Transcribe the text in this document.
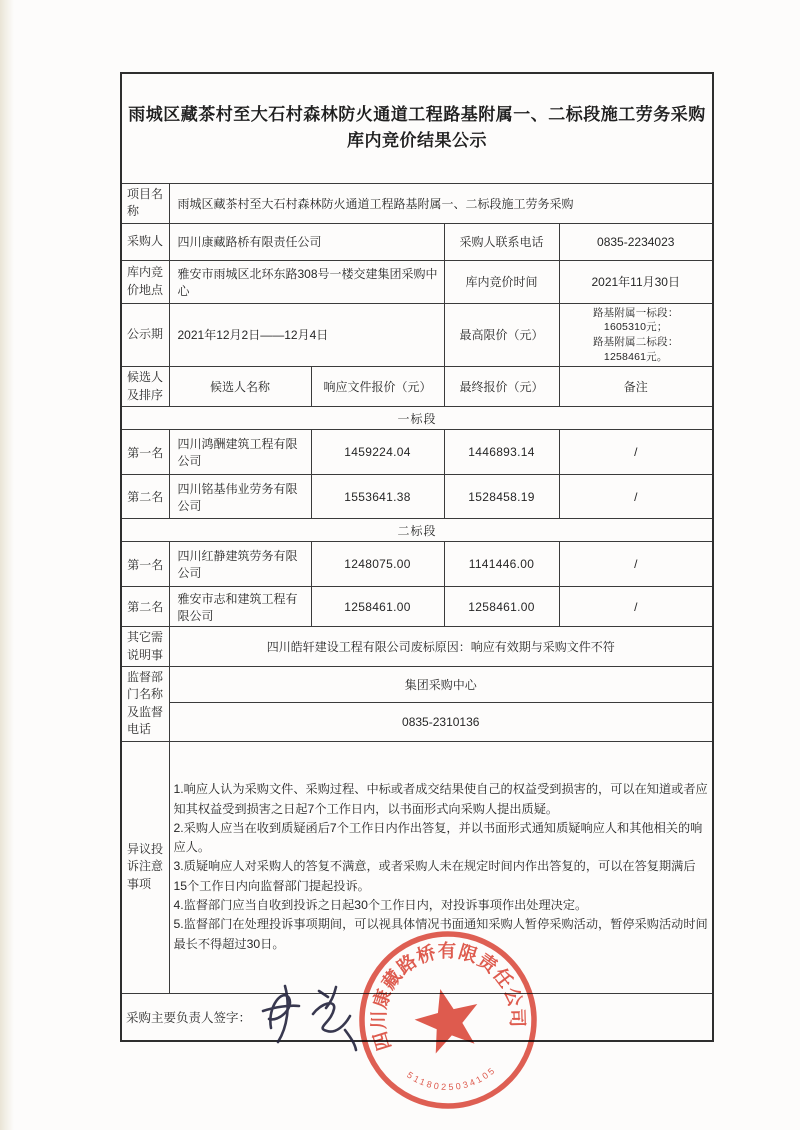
雨城区藏茶村至大石村森林防火通道工程路基附属一、二标段施工劳务采购
库内竞价结果公示				

项目名称	雨城区藏茶村至大石村森林防火通道工程路基附属一、二标段施工劳务采购			
采购人	四川康藏路桥有限责任公司		采购人联系电话	0835-2234023
库内竞价地点	雅安市雨城区北环东路308号一楼交建集团采购中心		库内竞价时间	2021年11月30日
公示期	2021年12月2日——12月4日		最高限价（元）	路基附属一标段：
1605310元；
路基附属二标段：
1258461元。

候选人及排序	候选人名称	响应文件报价（元）	最终报价（元）	备注
一标段				
第一名	四川鸿酬建筑工程有限公司	1459224.04	1446893.14	/
第二名	四川铭基伟业劳务有限公司	1553641.38	1528458.19	/
二标段				
第一名	四川红静建筑劳务有限公司	1248075.00	1141446.00	/
第二名	雅安市志和建筑工程有限公司	1258461.00	1258461.00	/
其它需说明事	四川皓轩建设工程有限公司废标原因：响应有效期与采购文件不符			
监督部门名称及监督电话	集团采购中心			
	0835-2310136			
异议投诉注意事项	1.响应人认为采购文件、采购过程、中标或者成交结果使自己的权益受到损害的，可以在知道或者应知其权益受到损害之日起7个工作日内，以书面形式向采购人提出质疑。
2.采购人应当在收到质疑函后7个工作日内作出答复，并以书面形式通知质疑响应人和其他相关的响应人。
3.质疑响应人对采购人的答复不满意，或者采购人未在规定时间内作出答复的，可以在答复期满后15个工作日内向监督部门提起投诉。
4.监督部门应当自收到投诉之日起30个工作日内，对投诉事项作出处理决定。
5.监督部门在处理投诉事项期间，可以视具体情况书面通知采购人暂停采购活动，暂停采购活动时间最长不得超过30日。			

采购主要负责人签字：				
四川康藏路桥有限责任公司
5118025034105
